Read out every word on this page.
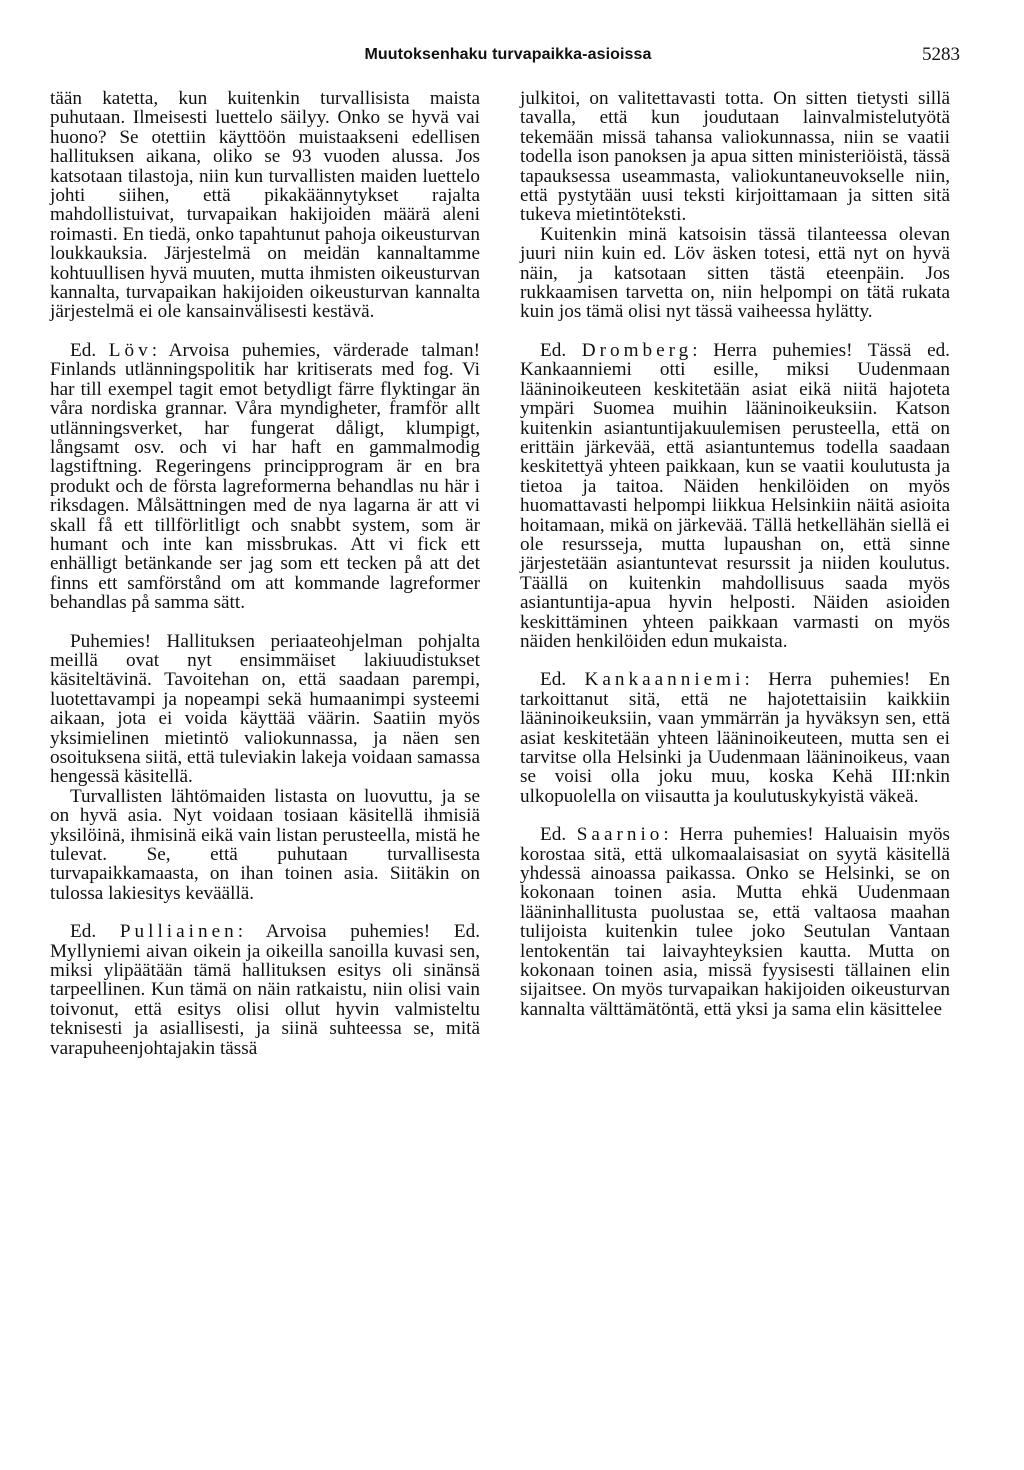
Muutoksenhaku turvapaikka-asioissa	5283

tään katetta, kun kuitenkin turvallisista maista puhutaan. Ilmeisesti luettelo säilyy. Onko se hyvä vai huono? Se otettiin käyttöön muistaakseni edellisen hallituksen aikana, oliko se 93 vuoden alussa. Jos katsotaan tilastoja, niin kun turvallisten maiden luettelo johti siihen, että pikakäännytykset rajalta mahdollistuivat, turvapaikan hakijoiden määrä aleni roimasti. En tiedä, onko tapahtunut pahoja oikeusturvan loukkauksia. Järjestelmä on meidän kannaltamme kohtuullisen hyvä muuten, mutta ihmisten oikeusturvan kannalta, turvapaikan hakijoiden oikeusturvan kannalta järjestelmä ei ole kansainvälisesti kestävä.

Ed. Löv: Arvoisa puhemies, värderade talman! Finlands utlänningspolitik har kritiserats med fog. Vi har till exempel tagit emot betydligt färre flyktingar än våra nordiska grannar. Våra myndigheter, framför allt utlänningsverket, har fungerat dåligt, klumpigt, långsamt osv. och vi har haft en gammalmodig lagstiftning. Regeringens principprogram är en bra produkt och de första lagreformerna behandlas nu här i riksdagen. Målsättningen med de nya lagarna är att vi skall få ett tillförlitligt och snabbt system, som är humant och inte kan missbrukas. Att vi fick ett enhälligt betänkande ser jag som ett tecken på att det finns ett samförstånd om att kommande lagreformer behandlas på samma sätt.

Puhemies! Hallituksen periaateohjelman pohjalta meillä ovat nyt ensimmäiset lakiuudistukset käsiteltävinä. Tavoitehan on, että saadaan parempi, luotettavampi ja nopeampi sekä humaanimpi systeemi aikaan, jota ei voida käyttää väärin. Saatiin myös yksimielinen mietintö valiokunnassa, ja näen sen osoituksena siitä, että tuleviakin lakeja voidaan samassa hengessä käsitellä.

Turvallisten lähtömaiden listasta on luovuttu, ja se on hyvä asia. Nyt voidaan tosiaan käsitellä ihmisiä yksilöinä, ihmisinä eikä vain listan perusteella, mistä he tulevat. Se, että puhutaan turvallisesta turvapaikkamaasta, on ihan toinen asia. Siitäkin on tulossa lakiesitys keväällä.

Ed. Pulliainen: Arvoisa puhemies! Ed. Myllyniemi aivan oikein ja oikeilla sanoilla kuvasi sen, miksi ylipäätään tämä hallituksen esitys oli sinänsä tarpeellinen. Kun tämä on näin ratkaistu, niin olisi vain toivonut, että esitys olisi ollut hyvin valmisteltu teknisesti ja asiallisesti, ja siinä suhteessa se, mitä varapuheenjohtajakin tässä

julkitoi, on valitettavasti totta. On sitten tietysti sillä tavalla, että kun joudutaan lainvalmistelutyötä tekemään missä tahansa valiokunnassa, niin se vaatii todella ison panoksen ja apua sitten ministeriöistä, tässä tapauksessa useammasta, valiokuntaneuvokselle niin, että pystytään uusi teksti kirjoittamaan ja sitten sitä tukeva mietintöteksti.

Kuitenkin minä katsoisin tässä tilanteessa olevan juuri niin kuin ed. Löv äsken totesi, että nyt on hyvä näin, ja katsotaan sitten tästä eteenpäin. Jos rukkaamisen tarvetta on, niin helpompi on tätä rukata kuin jos tämä olisi nyt tässä vaiheessa hylätty.

Ed. Dromberg: Herra puhemies! Tässä ed. Kankaanniemi otti esille, miksi Uudenmaan lääninoikeuteen keskitetään asiat eikä niitä hajoteta ympäri Suomea muihin lääninoikeuksiin. Katson kuitenkin asiantuntijakuulemisen perusteella, että on erittäin järkevää, että asiantuntemus todella saadaan keskitettyä yhteen paikkaan, kun se vaatii koulutusta ja tietoa ja taitoa. Näiden henkilöiden on myös huomattavasti helpompi liikkua Helsinkiin näitä asioita hoitamaan, mikä on järkevää. Tällä hetkellähän siellä ei ole resursseja, mutta lupaushan on, että sinne järjestetään asiantuntevat resurssit ja niiden koulutus. Täällä on kuitenkin mahdollisuus saada myös asiantuntija-apua hyvin helposti. Näiden asioiden keskittäminen yhteen paikkaan varmasti on myös näiden henkilöiden edun mukaista.

Ed. Kankaanniemi: Herra puhemies! En tarkoittanut sitä, että ne hajotettaisiin kaikkiin lääninoikeuksiin, vaan ymmärrän ja hyväksyn sen, että asiat keskitetään yhteen lääninoikeuteen, mutta sen ei tarvitse olla Helsinki ja Uudenmaan lääninoikeus, vaan se voisi olla joku muu, koska Kehä III:nkin ulkopuolella on viisautta ja koulutuskykyistä väkeä.

Ed. Saarnio: Herra puhemies! Haluaisin myös korostaa sitä, että ulkomaalaisasiat on syytä käsitellä yhdessä ainoassa paikassa. Onko se Helsinki, se on kokonaan toinen asia. Mutta ehkä Uudenmaan lääninhallitusta puolustaa se, että valtaosa maahan tulijoista kuitenkin tulee joko Seutulan Vantaan lentokentän tai laivayhteyksien kautta. Mutta on kokonaan toinen asia, missä fyysisesti tällainen elin sijaitsee. On myös turvapaikan hakijoiden oikeusturvan kannalta välttämätöntä, että yksi ja sama elin käsittelee
